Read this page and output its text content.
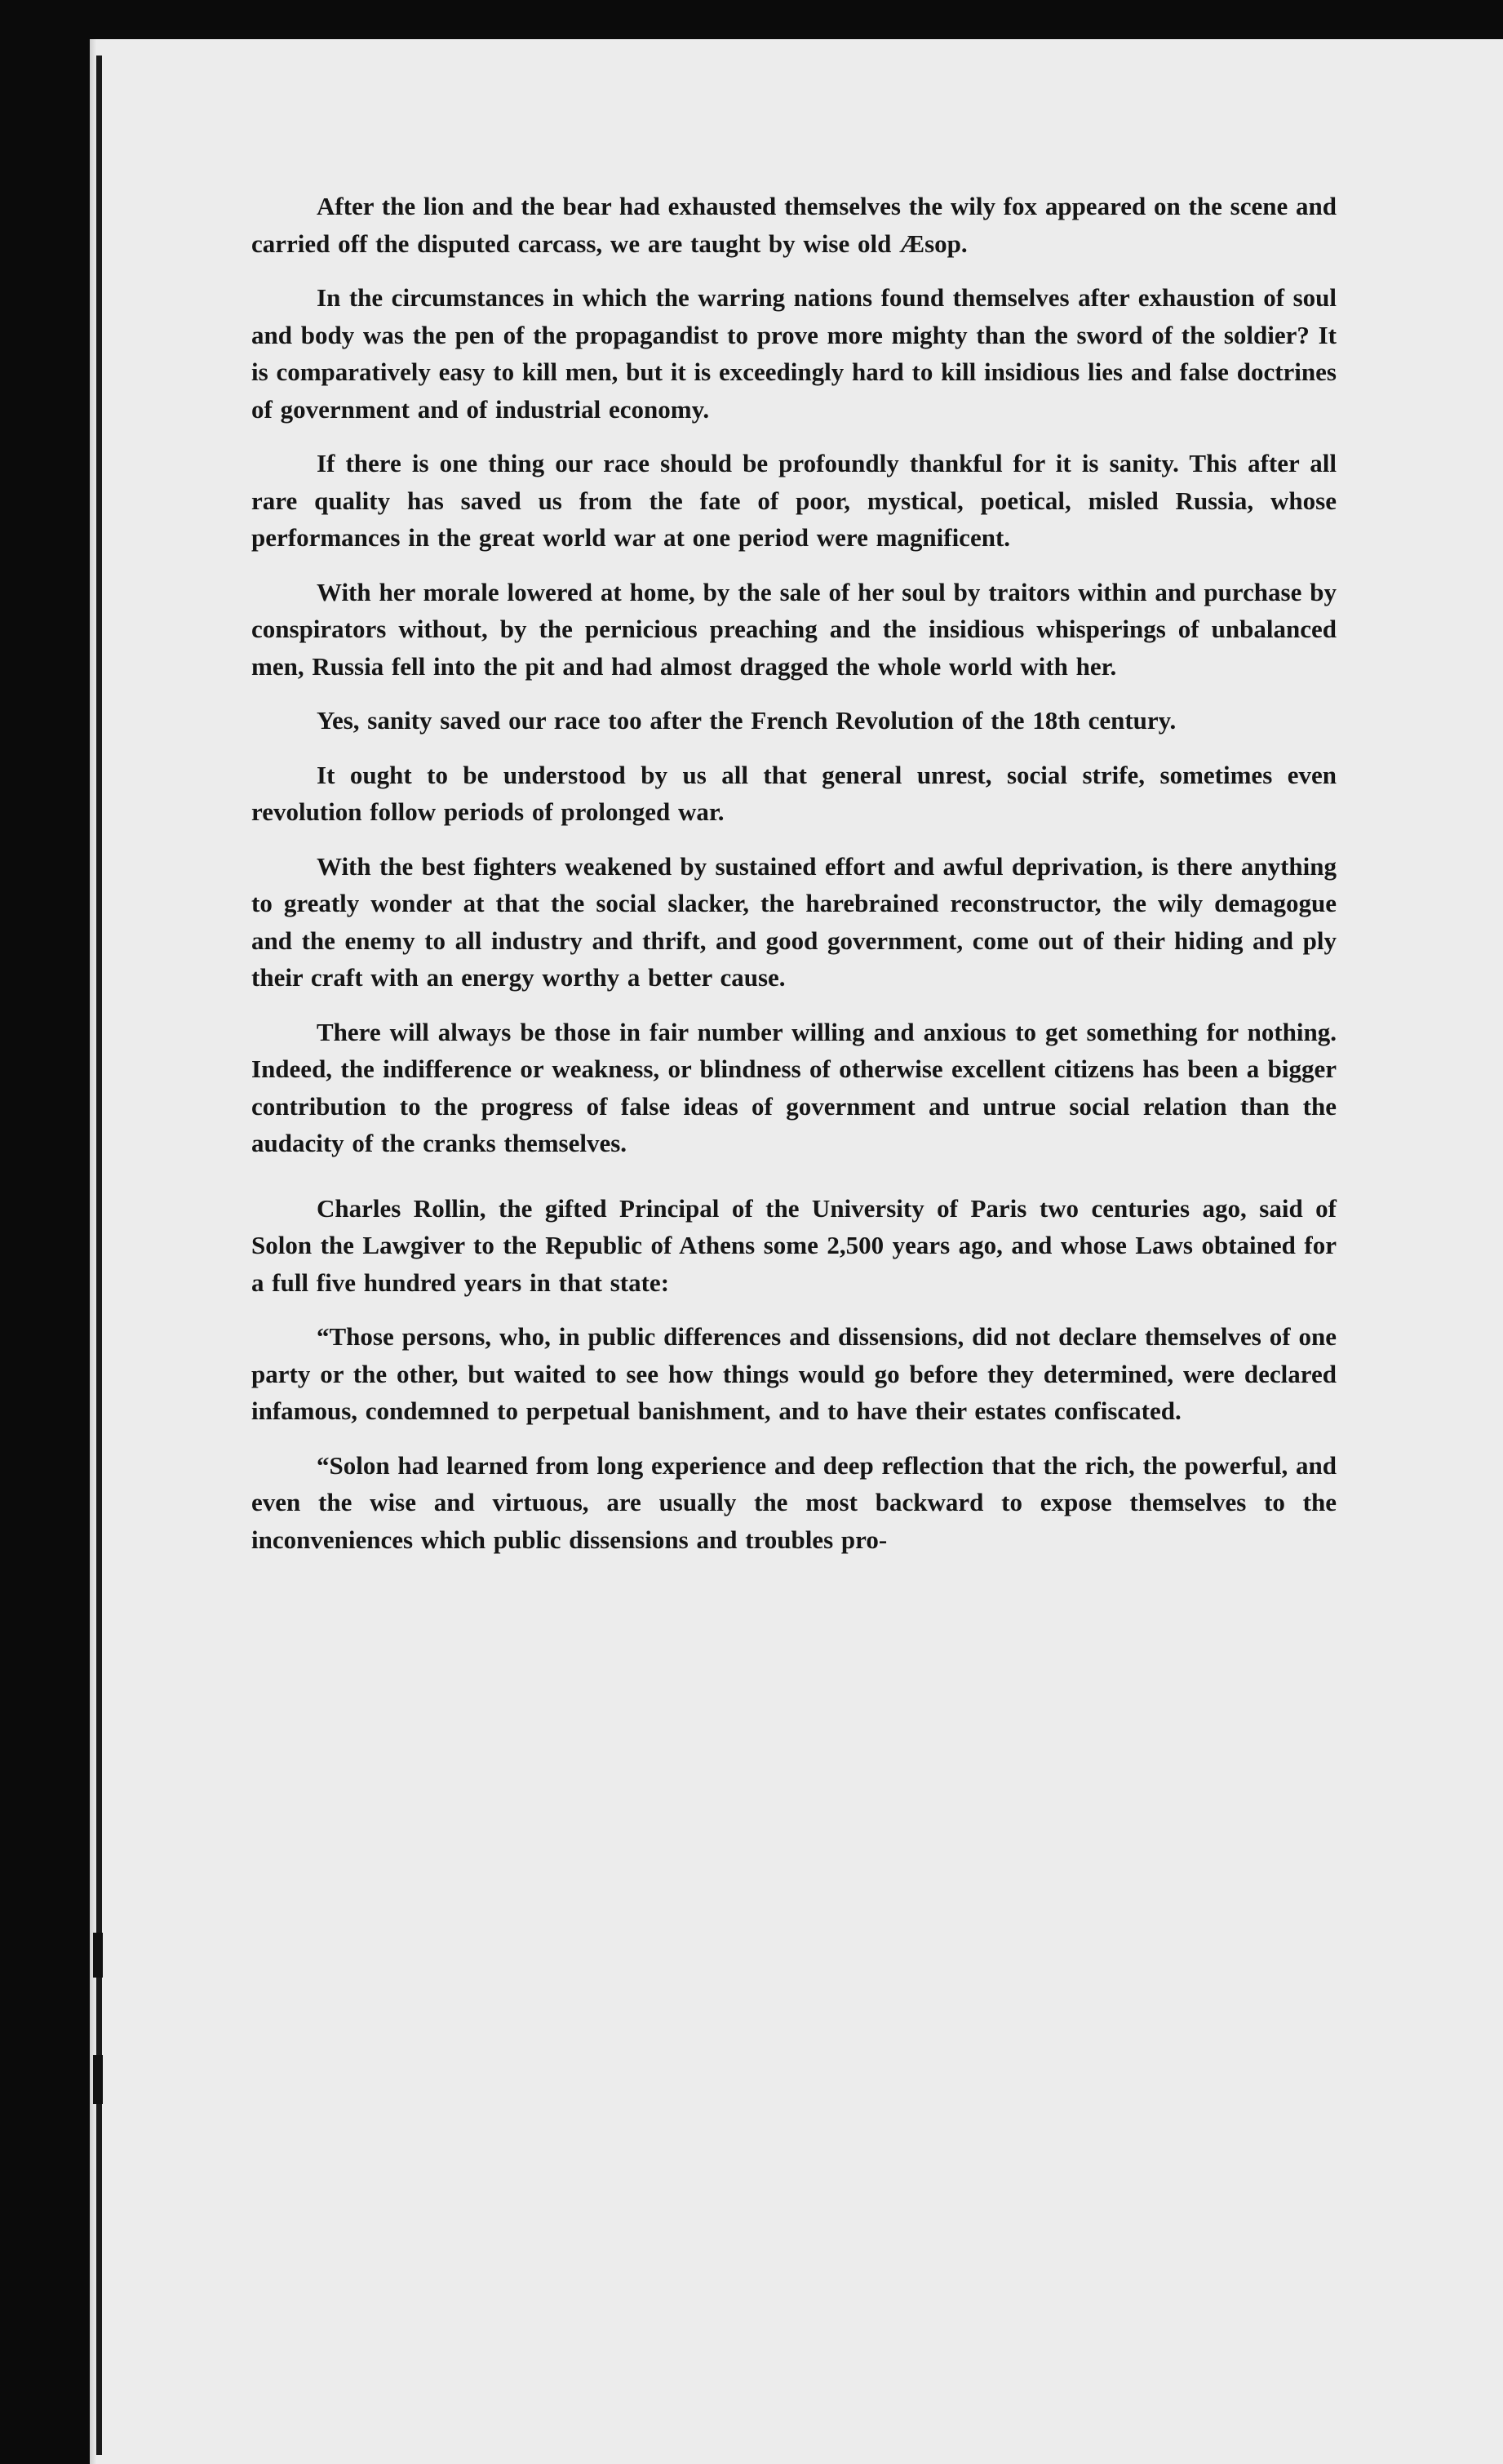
After the lion and the bear had exhausted themselves the wily fox appeared on the scene and carried off the disputed carcass, we are taught by wise old Æsop.

In the circumstances in which the warring nations found themselves after exhaustion of soul and body was the pen of the propagandist to prove more mighty than the sword of the soldier? It is comparatively easy to kill men, but it is exceedingly hard to kill insidious lies and false doctrines of government and of industrial economy.

If there is one thing our race should be profoundly thankful for it is sanity. This after all rare quality has saved us from the fate of poor, mystical, poetical, misled Russia, whose performances in the great world war at one period were magnificent.

With her morale lowered at home, by the sale of her soul by traitors within and purchase by conspirators without, by the pernicious preaching and the insidious whisperings of unbalanced men, Russia fell into the pit and had almost dragged the whole world with her.

Yes, sanity saved our race too after the French Revolution of the 18th century.

It ought to be understood by us all that general unrest, social strife, sometimes even revolution follow periods of prolonged war.

With the best fighters weakened by sustained effort and awful deprivation, is there anything to greatly wonder at that the social slacker, the harebrained reconstructor, the wily demagogue and the enemy to all industry and thrift, and good government, come out of their hiding and ply their craft with an energy worthy a better cause.

There will always be those in fair number willing and anxious to get something for nothing. Indeed, the indifference or weakness, or blindness of otherwise excellent citizens has been a bigger contribution to the progress of false ideas of government and untrue social relation than the audacity of the cranks themselves.

Charles Rollin, the gifted Principal of the University of Paris two centuries ago, said of Solon the Lawgiver to the Republic of Athens some 2,500 years ago, and whose Laws obtained for a full five hundred years in that state:

“Those persons, who, in public differences and dissensions, did not declare themselves of one party or the other, but waited to see how things would go before they determined, were declared infamous, condemned to perpetual banishment, and to have their estates confiscated.

“Solon had learned from long experience and deep reflection that the rich, the powerful, and even the wise and virtuous, are usually the most backward to expose themselves to the inconveniences which public dissensions and troubles pro-
